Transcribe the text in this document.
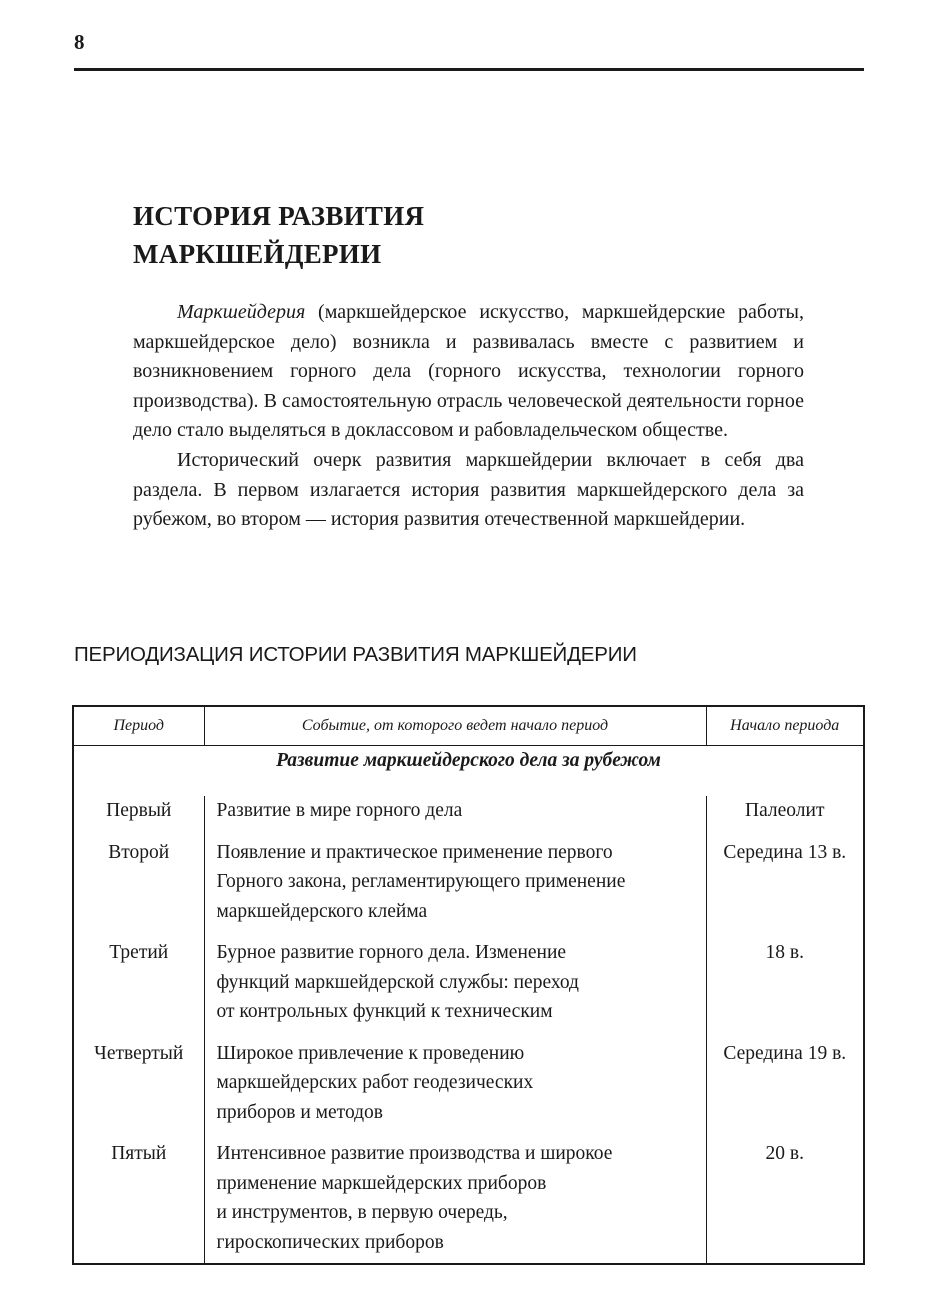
8
ИСТОРИЯ РАЗВИТИЯ
МАРКШЕЙДЕРИИ

Маркшейдерия (маркшейдерское искусство, маркшейдерские работы, маркшейдерское дело) возникла и развивалась вместе с развитием и возникновением горного дела (горного искусства, технологии горного производства). В самостоятельную отрасль человеческой деятельности горное дело стало выделяться в доклассовом и рабовладельческом обществе.

Исторический очерк развития маркшейдерии включает в себя два раздела. В первом излагается история развития маркшейдерского дела за рубежом, во втором — история развития отечественной маркшейдерии.

ПЕРИОДИЗАЦИЯ ИСТОРИИ РАЗВИТИЯ МАРКШЕЙДЕРИИ
Период	Событие, от которого ведет начало период	Начало периода
Развитие маркшейдерского дела за рубежом		
Первый	Развитие в мире горного дела	Палеолит
Второй	Появление и практическое применение первого
Горного закона, регламентирующего применение
маркшейдерского клейма	Середина 13 в.
Третий	Бурное развитие горного дела. Изменение
функций маркшейдерской службы: переход
от контрольных функций к техническим	18 в.
Четвертый	Широкое привлечение к проведению
маркшейдерских работ геодезических
приборов и методов	Середина 19 в.
Пятый	Интенсивное развитие производства и широкое
применение маркшейдерских приборов
и инструментов, в первую очередь,
гироскопических приборов	20 в.
